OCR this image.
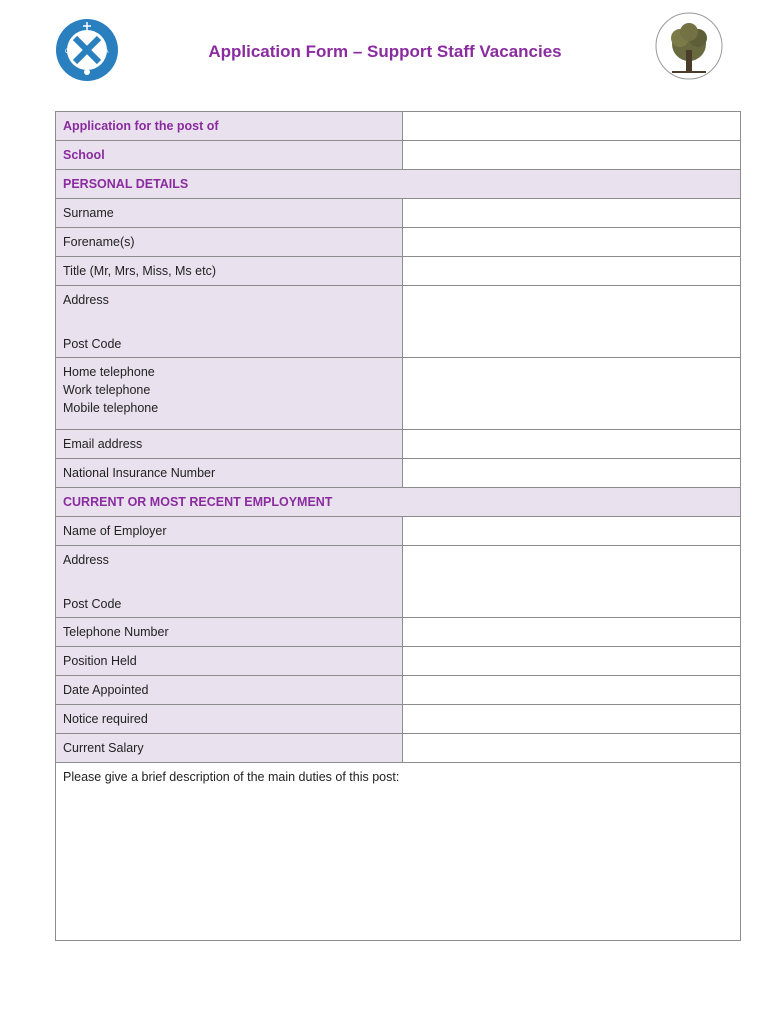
CE	VA	Application Form – Support Staff Vacancies
Application for the post of	
School	
PERSONAL DETAILS	
Surname	
Forename(s)	
Title (Mr, Mrs, Miss, Ms etc)	
Address
Post Code	

Home telephone
Work telephone
Mobile telephone	

Email address	
National Insurance Number	
CURRENT OR MOST RECENT EMPLOYMENT	
Name of Employer	
Address
Post Code	

Telephone Number	
Position Held	
Date Appointed	
Notice required	
Current Salary	
Please give a brief description of the main duties of this post:	
